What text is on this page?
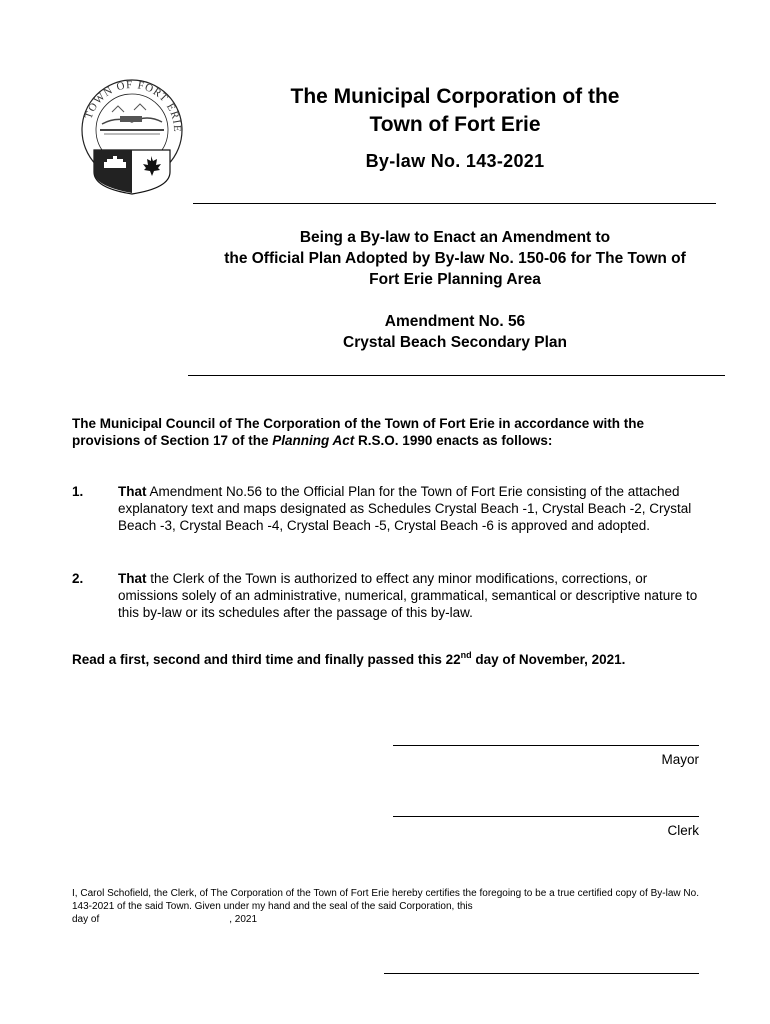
TOWN OF FORT ERIE
The Municipal Corporation of the
Town of Fort Erie
By-law No. 143-2021
Being a By-law to Enact an Amendment to
the Official Plan Adopted by By-law No. 150-06 for The Town of
Fort Erie Planning Area
Amendment No. 56
Crystal Beach Secondary Plan
The Municipal Council of The Corporation of the Town of Fort Erie in accordance with the
provisions of Section 17 of the Planning Act R.S.O. 1990 enacts as follows:
1.	That Amendment No.56 to the Official Plan for the Town of Fort Erie consisting of the attached explanatory text and maps designated as Schedules Crystal Beach -1, Crystal Beach -2, Crystal Beach -3, Crystal Beach -4, Crystal Beach -5, Crystal Beach -6 is approved and adopted.
2.	That the Clerk of the Town is authorized to effect any minor modifications, corrections, or omissions solely of an administrative, numerical, grammatical, semantical or descriptive nature to this by-law or its schedules after the passage of this by-law.
Read a first, second and third time and finally passed this 22nd day of November, 2021.
Mayor
Clerk
I, Carol Schofield, the Clerk, of The Corporation of the Town of Fort Erie hereby certifies the foregoing to be a true certified copy of By-law No. 143-2021 of the said Town. Given under my hand and the seal of the said Corporation, this
day of	, 2021
